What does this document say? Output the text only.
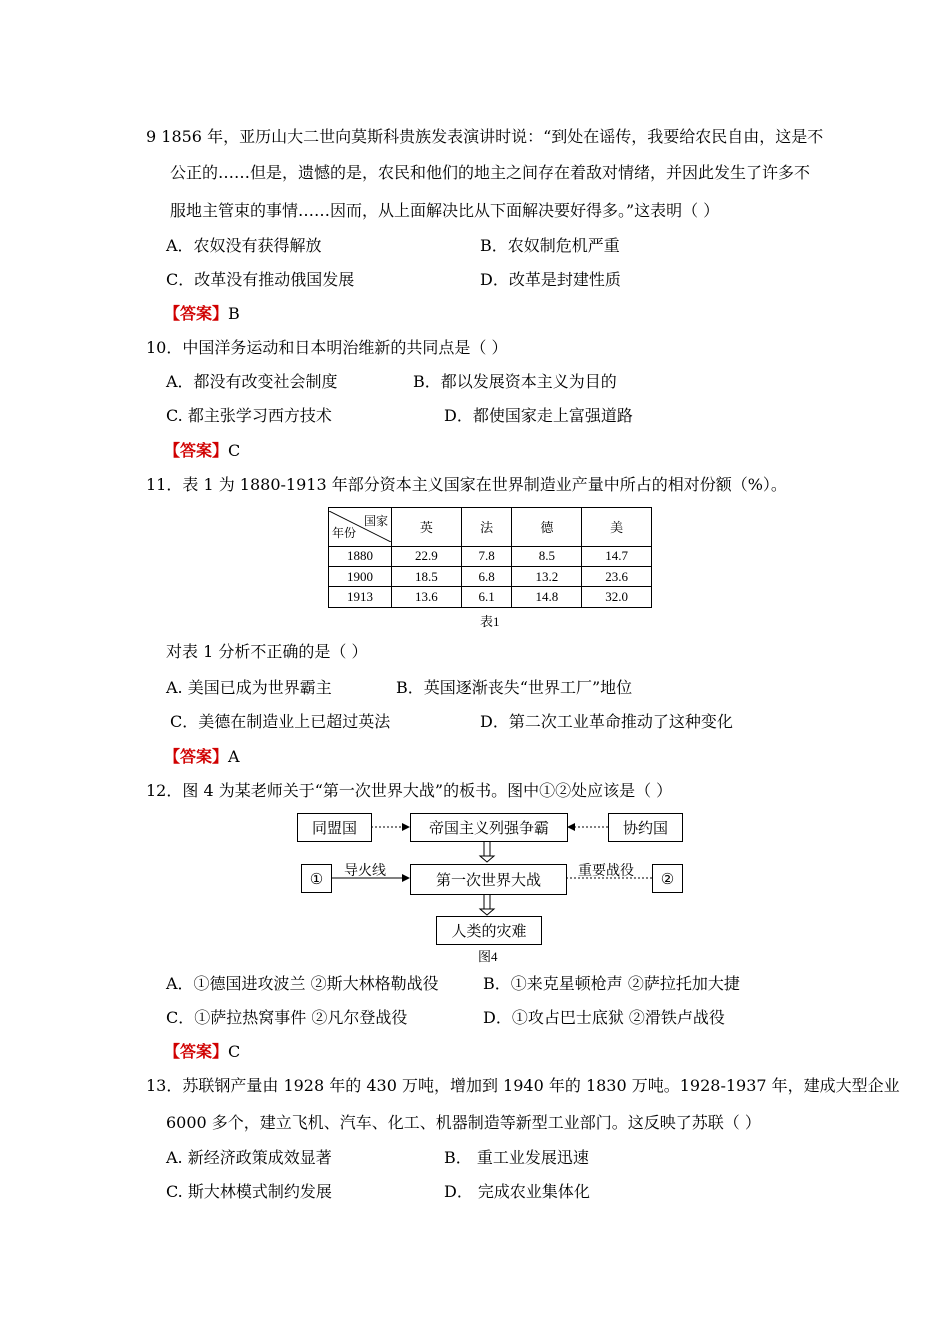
9 1856 年，亚历山大二世向莫斯科贵族发表演讲时说：“到处在谣传，我要给农民自由，这是不
公正的……但是，遗憾的是，农民和他们的地主之间存在着敌对情绪，并因此发生了许多不
服地主管束的事情……因而，从上面解决比从下面解决要好得多。”这表明（ ）
A．农奴没有获得解放	B．农奴制危机严重
C．改革没有推动俄国发展	D．改革是封建性质
【答案】B
10．中国洋务运动和日本明治维新的共同点是（ ）
A．都没有改变社会制度	B．都以发展资本主义为目的
C. 都主张学习西方技术	D．都使国家走上富强道路
【答案】C
11．表 1 为 1880-1913 年部分资本主义国家在世界制造业产量中所占的相对份额（%）。
国家
年份	英	法	德	美
1880	22.9	7.8	8.5	14.7
1900	18.5	6.8	13.2	23.6
1913	13.6	6.1	14.8	32.0
表1
对表 1 分析不正确的是（ ）
A. 美国已成为世界霸主	B．英国逐渐丧失“世界工厂”地位
C．美德在制造业上已超过英法	D．第二次工业革命推动了这种变化
【答案】A
12．图 4 为某老师关于“第一次世界大战”的板书。图中①②处应该是（ ）
同盟国	帝国主义列强争霸	协约国
①	导火线	第一次世界大战	重要战役	②
人类的灾难
图4
A．①德国进攻波兰 ②斯大林格勒战役	B．①来克星顿枪声 ②萨拉托加大捷
C．①萨拉热窝事件 ②凡尔登战役	D．①攻占巴士底狱 ②滑铁卢战役
【答案】C
13．苏联钢产量由 1928 年的 430 万吨，增加到 1940 年的 1830 万吨。1928-1937 年，建成大型企业
6000 多个，建立飞机、汽车、化工、机器制造等新型工业部门。这反映了苏联（ ）
A. 新经济政策成效显著	B． 重工业发展迅速
C. 斯大林模式制约发展	D． 完成农业集体化
